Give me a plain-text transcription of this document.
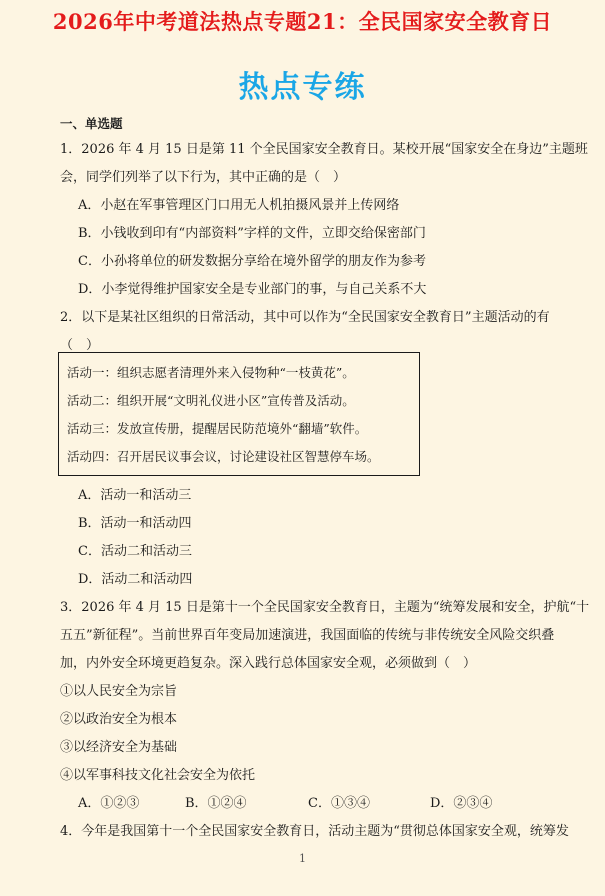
2026年中考道法热点专题21：全民国家安全教育日
热点专练
一、单选题
1．2026 年 4 月 15 日是第 11 个全民国家安全教育日。某校开展“国家安全在身边”主题班
会，同学们列举了以下行为，其中正确的是（　）
A．小赵在军事管理区门口用无人机拍摄风景并上传网络
B．小钱收到印有“内部资料”字样的文件，立即交给保密部门
C．小孙将单位的研发数据分享给在境外留学的朋友作为参考
D．小李觉得维护国家安全是专业部门的事，与自己关系不大
2．以下是某社区组织的日常活动，其中可以作为“全民国家安全教育日”主题活动的有
（　）
活动一：组织志愿者清理外来入侵物种“一枝黄花”。
活动二：组织开展“文明礼仪进小区”宣传普及活动。
活动三：发放宣传册，提醒居民防范境外“翻墙”软件。
活动四：召开居民议事会议，讨论建设社区智慧停车场。
A．活动一和活动三
B．活动一和活动四
C．活动二和活动三
D．活动二和活动四
3．2026 年 4 月 15 日是第十一个全民国家安全教育日，主题为“统筹发展和安全，护航“十
五五”新征程”。当前世界百年变局加速演进，我国面临的传统与非传统安全风险交织叠
加，内外安全环境更趋复杂。深入践行总体国家安全观，必须做到（　）
①以人民安全为宗旨
②以政治安全为根本
③以经济安全为基础
④以军事科技文化社会安全为依托
A．①②③	B．①②④	C．①③④	D．②③④
4．今年是我国第十一个全民国家安全教育日，活动主题为“贯彻总体国家安全观，统筹发
1
